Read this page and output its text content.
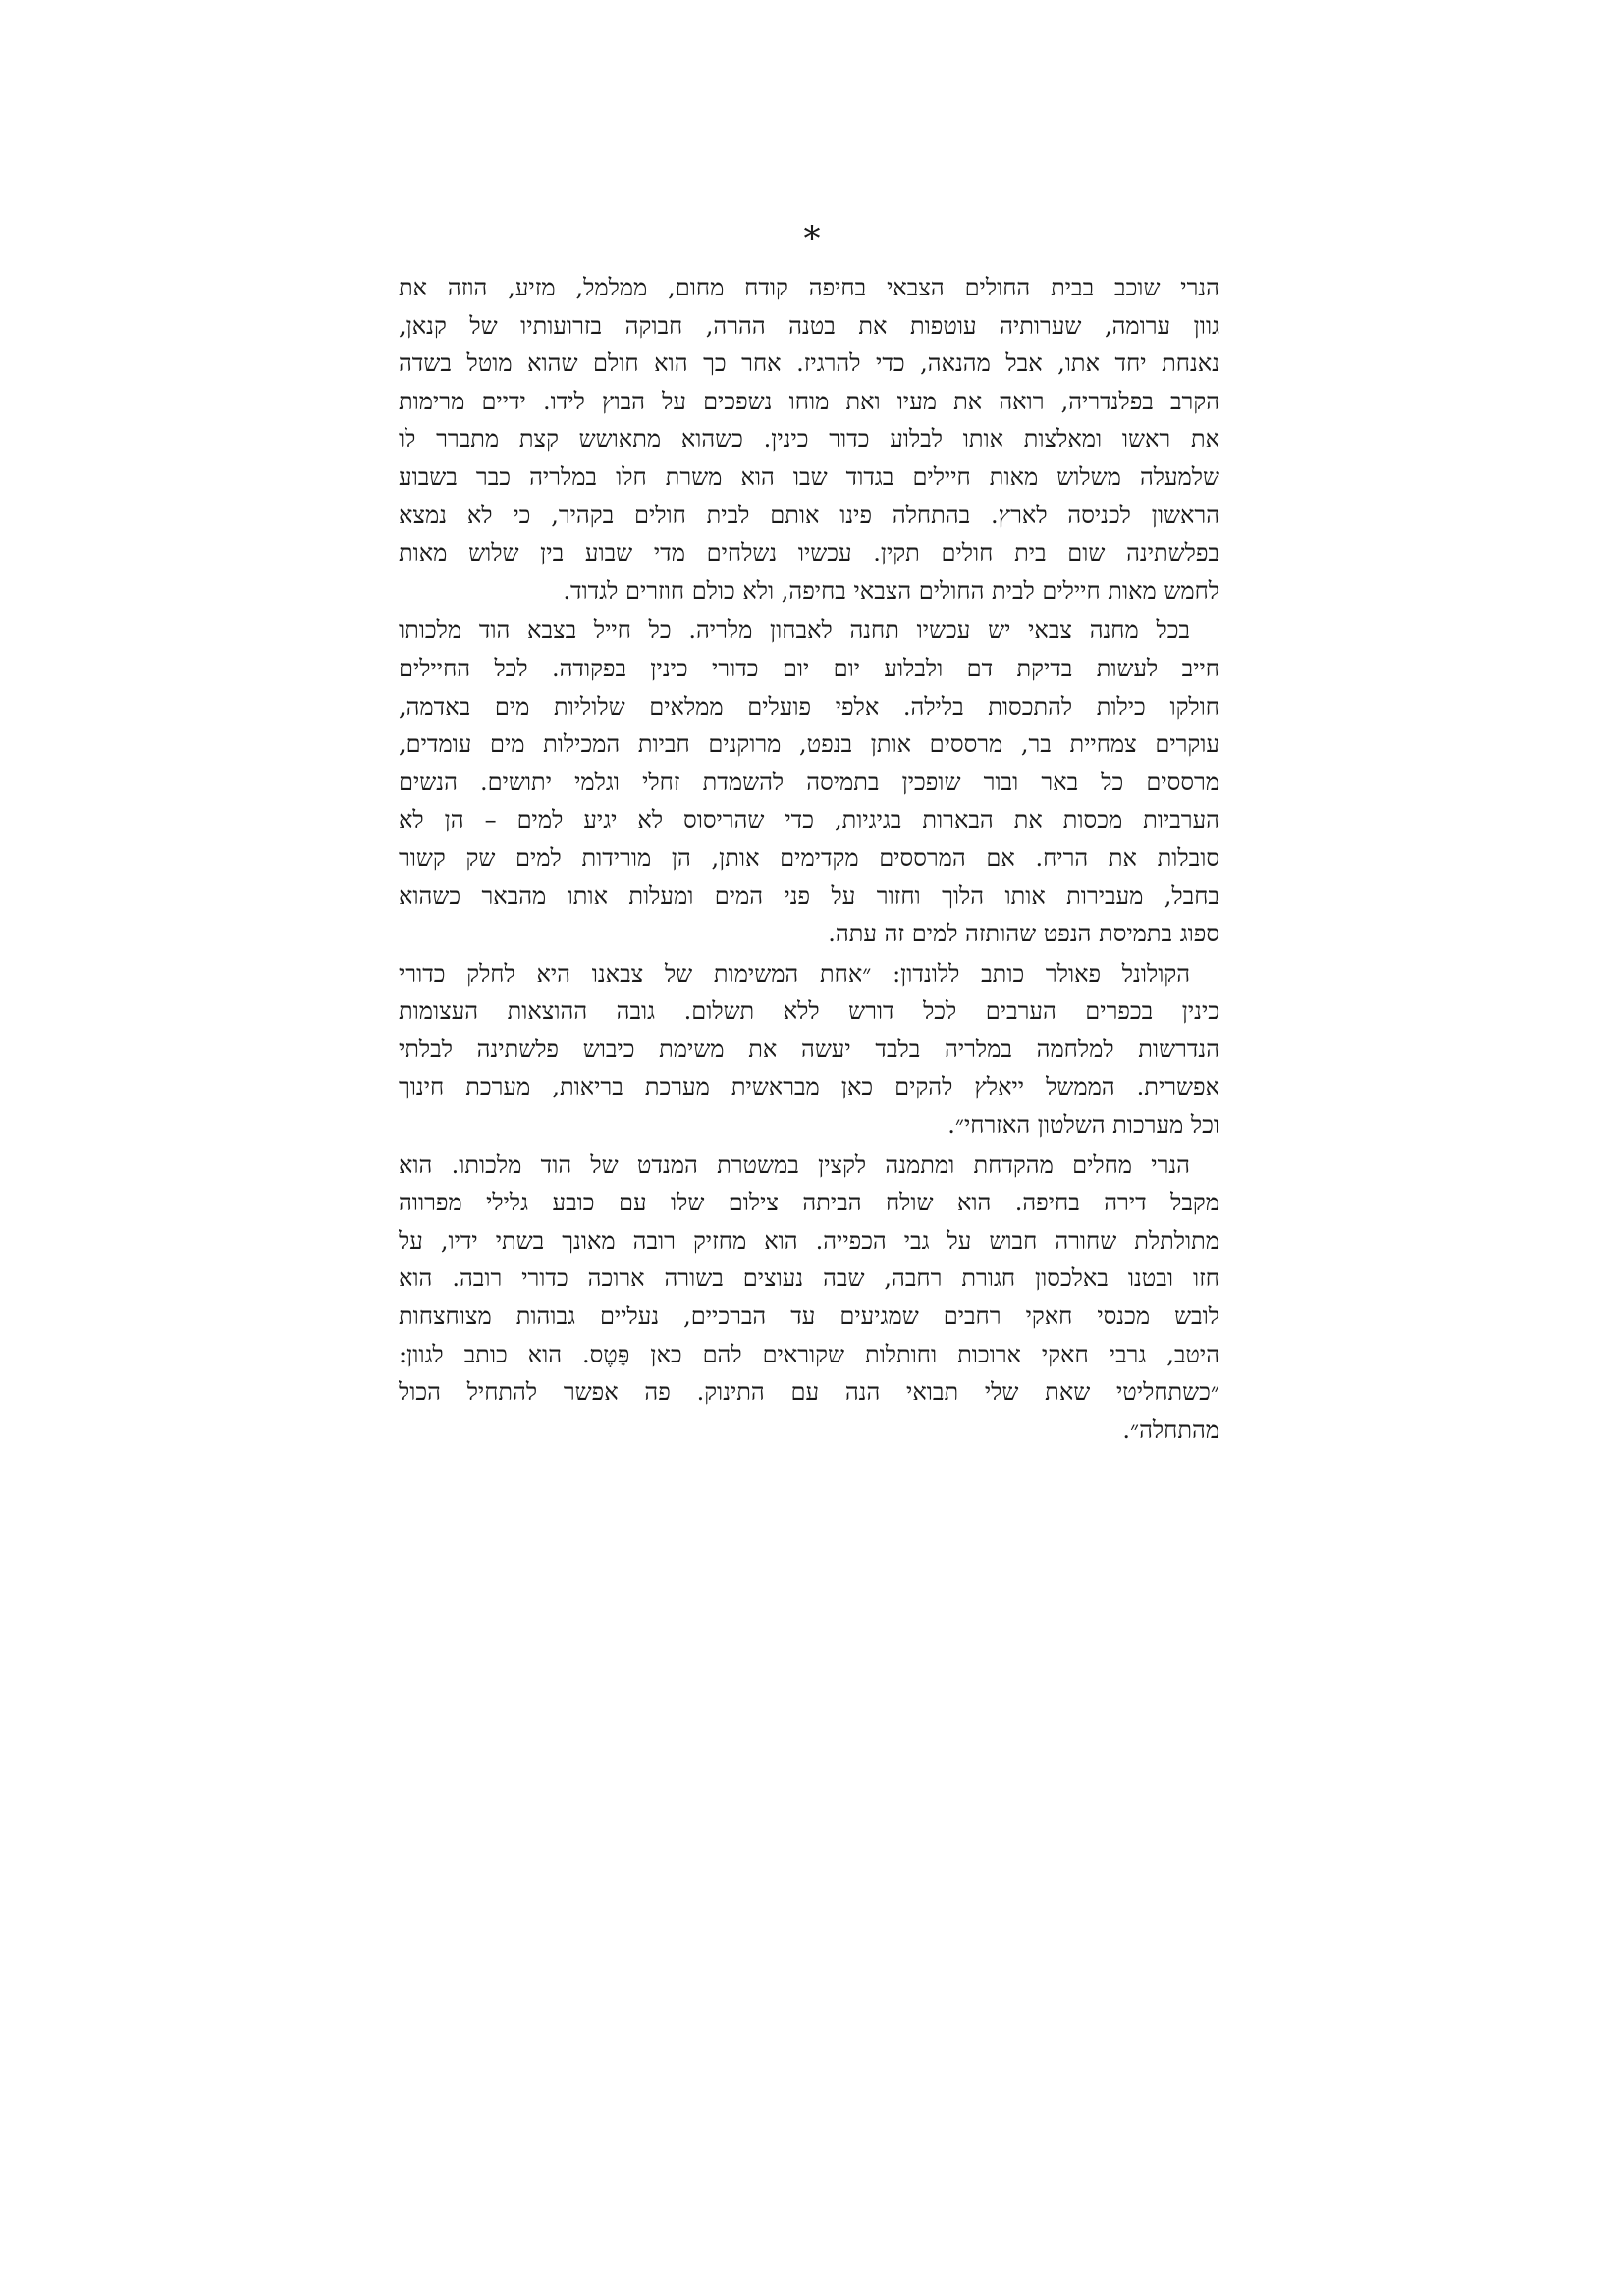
*

הנרי שוכב בבית החולים הצבאי בחיפה קודח מחום, ממלמל, מזיע, הוזה את
גוון ערומה, שערותיה עוטפות את בטנה ההרה, חבוקה בזרועותיו של קנאן,
נאנחת יחד אתו, אבל מהנאה, כדי להרגיז. אחר כך הוא חולם שהוא מוטל בשדה
הקרב בפלנדריה, רואה את מעיו ואת מוחו נשפכים על הבוץ לידו. ידיים מרימות
את ראשו ומאלצות אותו לבלוע כדור כינין. כשהוא מתאושש קצת מתברר לו
שלמעלה משלוש מאות חיילים בגדוד שבו הוא משרת חלו במלריה כבר בשבוע
הראשון לכניסה לארץ. בהתחלה פינו אותם לבית חולים בקהיר, כי לא נמצא
בפלשתינה שום בית חולים תקין. עכשיו נשלחים מדי שבוע בין שלוש מאות
לחמש מאות חיילים לבית החולים הצבאי בחיפה, ולא כולם חוזרים לגדוד.

בכל מחנה צבאי יש עכשיו תחנה לאבחון מלריה. כל חייל בצבא הוד מלכותו
חייב לעשות בדיקת דם ולבלוע יום יום כדורי כינין בפקודה. לכל החיילים
חולקו כילות להתכסות בלילה. אלפי פועלים ממלאים שלוליות מים באדמה,
עוקרים צמחיית בר, מרססים אותן בנפט, מרוקנים חביות המכילות מים עומדים,
מרססים כל באר ובור שופכין בתמיסה להשמדת זחלי וגלמי יתושים. הנשים
הערביות מכסות את הבארות בגיגיות, כדי שהריסוס לא יגיע למים – הן לא
סובלות את הריח. אם המרססים מקדימים אותן, הן מורידות למים שק קשור
בחבל, מעבירות אותו הלוך וחזור על פני המים ומעלות אותו מהבאר כשהוא
ספוג בתמיסת הנפט שהותזה למים זה עתה.

הקולונל פאולר כותב ללונדון: ״אחת המשימות של צבאנו היא לחלק כדורי
כינין בכפרים הערבים לכל דורש ללא תשלום. גובה ההוצאות העצומות
הנדרשות למלחמה במלריה בלבד יעשה את משימת כיבוש פלשתינה לבלתי
אפשרית. הממשל ייאלץ להקים כאן מבראשית מערכת בריאות, מערכת חינוך
וכל מערכות השלטון האזרחי״.

הנרי מחלים מהקדחת ומתמנה לקצין במשטרת המנדט של הוד מלכותו. הוא
מקבל דירה בחיפה. הוא שולח הביתה צילום שלו עם כובע גלילי מפרווה
מתולתלת שחורה חבוש על גבי הכפייה. הוא מחזיק רובה מאונך בשתי ידיו, על
חזו ובטנו באלכסון חגורת רחבה, שבה נעוצים בשורה ארוכה כדורי רובה. הוא
לובש מכנסי חאקי רחבים שמגיעים עד הברכיים, נעליים גבוהות מצוחצחות
היטב, גרבי חאקי ארוכות וחותלות שקוראים להם כאן פָּטֶס. הוא כותב לגוון:
״כשתחליטי שאת שלי תבואי הנה עם התינוק. פה אפשר להתחיל הכול
מהתחלה״.
